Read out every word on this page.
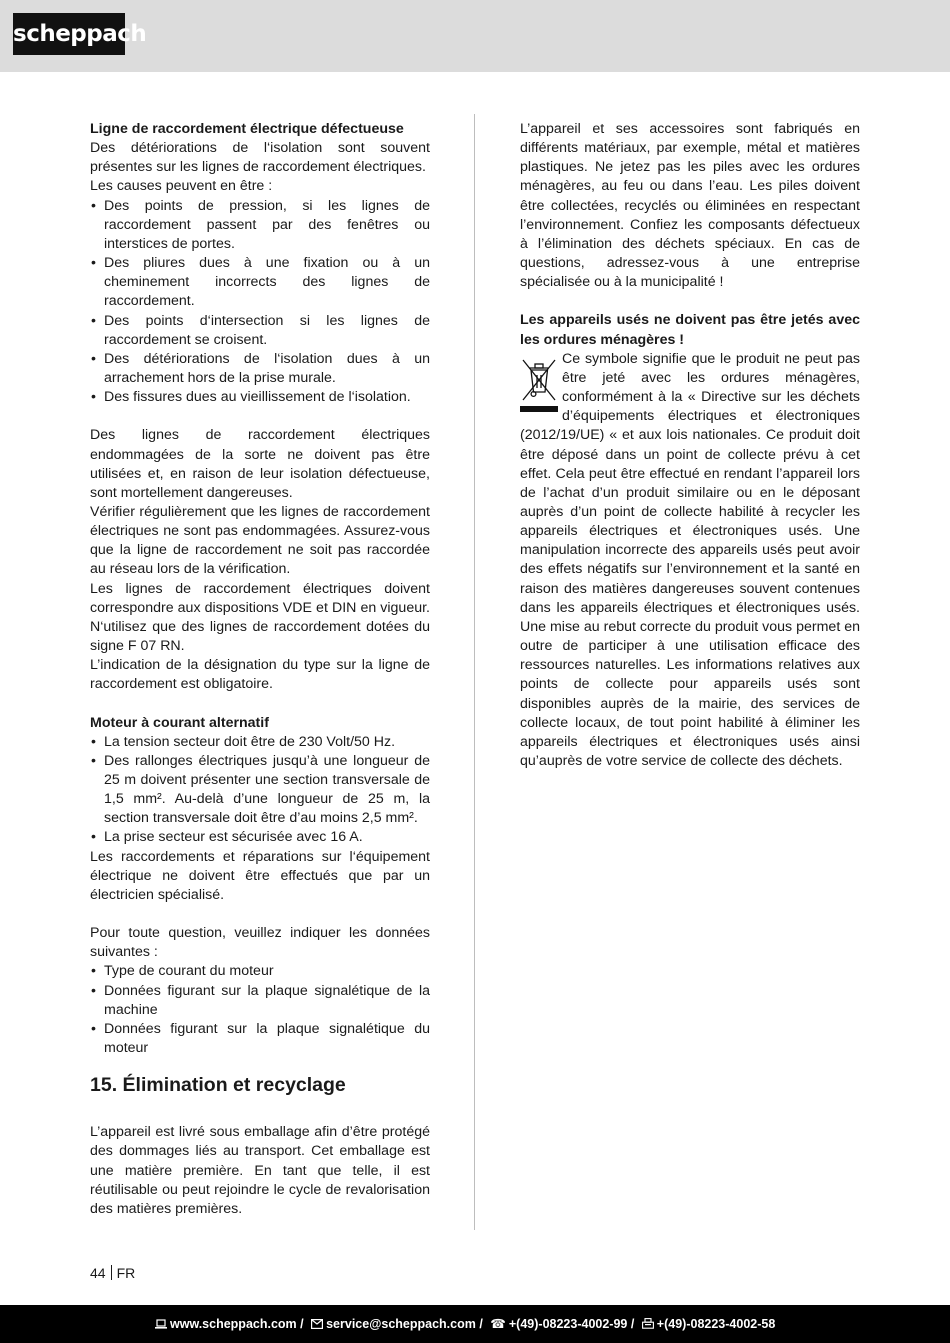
scheppach

Ligne de raccordement électrique défectueuse

Des détériorations de l‘isolation sont souvent présentes sur les lignes de raccordement électriques.

Les causes peuvent en être :

• Des points de pression, si les lignes de raccordement passent par des fenêtres ou interstices de portes.
• Des pliures dues à une fixation ou à un cheminement incorrects des lignes de raccordement.
• Des points d‘intersection si les lignes de raccordement se croisent.
• Des détériorations de l‘isolation dues à un arrachement hors de la prise murale.
• Des fissures dues au vieillissement de l‘isolation.

Des lignes de raccordement électriques endommagées de la sorte ne doivent pas être utilisées et, en raison de leur isolation défectueuse, sont mortellement dangereuses.

Vérifier régulièrement que les lignes de raccordement électriques ne sont pas endommagées. Assurez-vous que la ligne de raccordement ne soit pas raccordée au réseau lors de la vérification.

Les lignes de raccordement électriques doivent correspondre aux dispositions VDE et DIN en vigueur. N‘utilisez que des lignes de raccordement dotées du signe F 07 RN.

L’indication de la désignation du type sur la ligne de raccordement est obligatoire.

Moteur à courant alternatif

• La tension secteur doit être de 230 Volt/50 Hz.
• Des rallonges électriques jusqu’à une longueur de 25 m doivent présenter une section transversale de 1,5 mm². Au-delà d’une longueur de 25 m, la section transversale doit être d’au moins 2,5 mm².
• La prise secteur est sécurisée avec 16 A.

Les raccordements et réparations sur l‘équipement électrique ne doivent être effectués que par un électricien spécialisé.

Pour toute question, veuillez indiquer les données suivantes :

• Type de courant du moteur
• Données figurant sur la plaque signalétique de la machine
• Données figurant sur la plaque signalétique du moteur
15. Élimination et recyclage

L’appareil est livré sous emballage afin d’être protégé des dommages liés au transport. Cet emballage est une matière première. En tant que telle, il est réutilisable ou peut rejoindre le cycle de revalorisation des matières premières.

L’appareil et ses accessoires sont fabriqués en différents matériaux, par exemple, métal et matières plastiques. Ne jetez pas les piles avec les ordures ménagères, au feu ou dans l’eau. Les piles doivent être collectées, recyclés ou éliminées en respectant l’environnement. Confiez les composants défectueux à l’élimination des déchets spéciaux. En cas de questions, adressez-vous à une entreprise spécialisée ou à la municipalité !

Les appareils usés ne doivent pas être jetés avec les ordures ménagères !

Ce symbole signifie que le produit ne peut pas être jeté avec les ordures ménagères, conformément à la « Directive sur les déchets d’équipements électriques et électroniques (2012/19/UE) « et aux lois nationales. Ce produit doit être déposé dans un point de collecte prévu à cet effet. Cela peut être effectué en rendant l’appareil lors de l’achat d’un produit similaire ou en le déposant auprès d’un point de collecte habilité à recycler les appareils électriques et électroniques usés. Une manipulation incorrecte des appareils usés peut avoir des effets négatifs sur l’environnement et la santé en raison des matières dangereuses souvent contenues dans les appareils électriques et électroniques usés. Une mise au rebut correcte du produit vous permet en outre de participer à une utilisation efficace des ressources naturelles. Les informations relatives aux points de collecte pour appareils usés sont disponibles auprès de la mairie, des services de collecte locaux, de tout point habilité à éliminer les appareils électriques et électroniques usés ainsi qu’auprès de votre service de collecte des déchets.

44 FR
www.scheppach.com / service@scheppach.com / ☎ +(49)-08223-4002-99 / +(49)-08223-4002-58
